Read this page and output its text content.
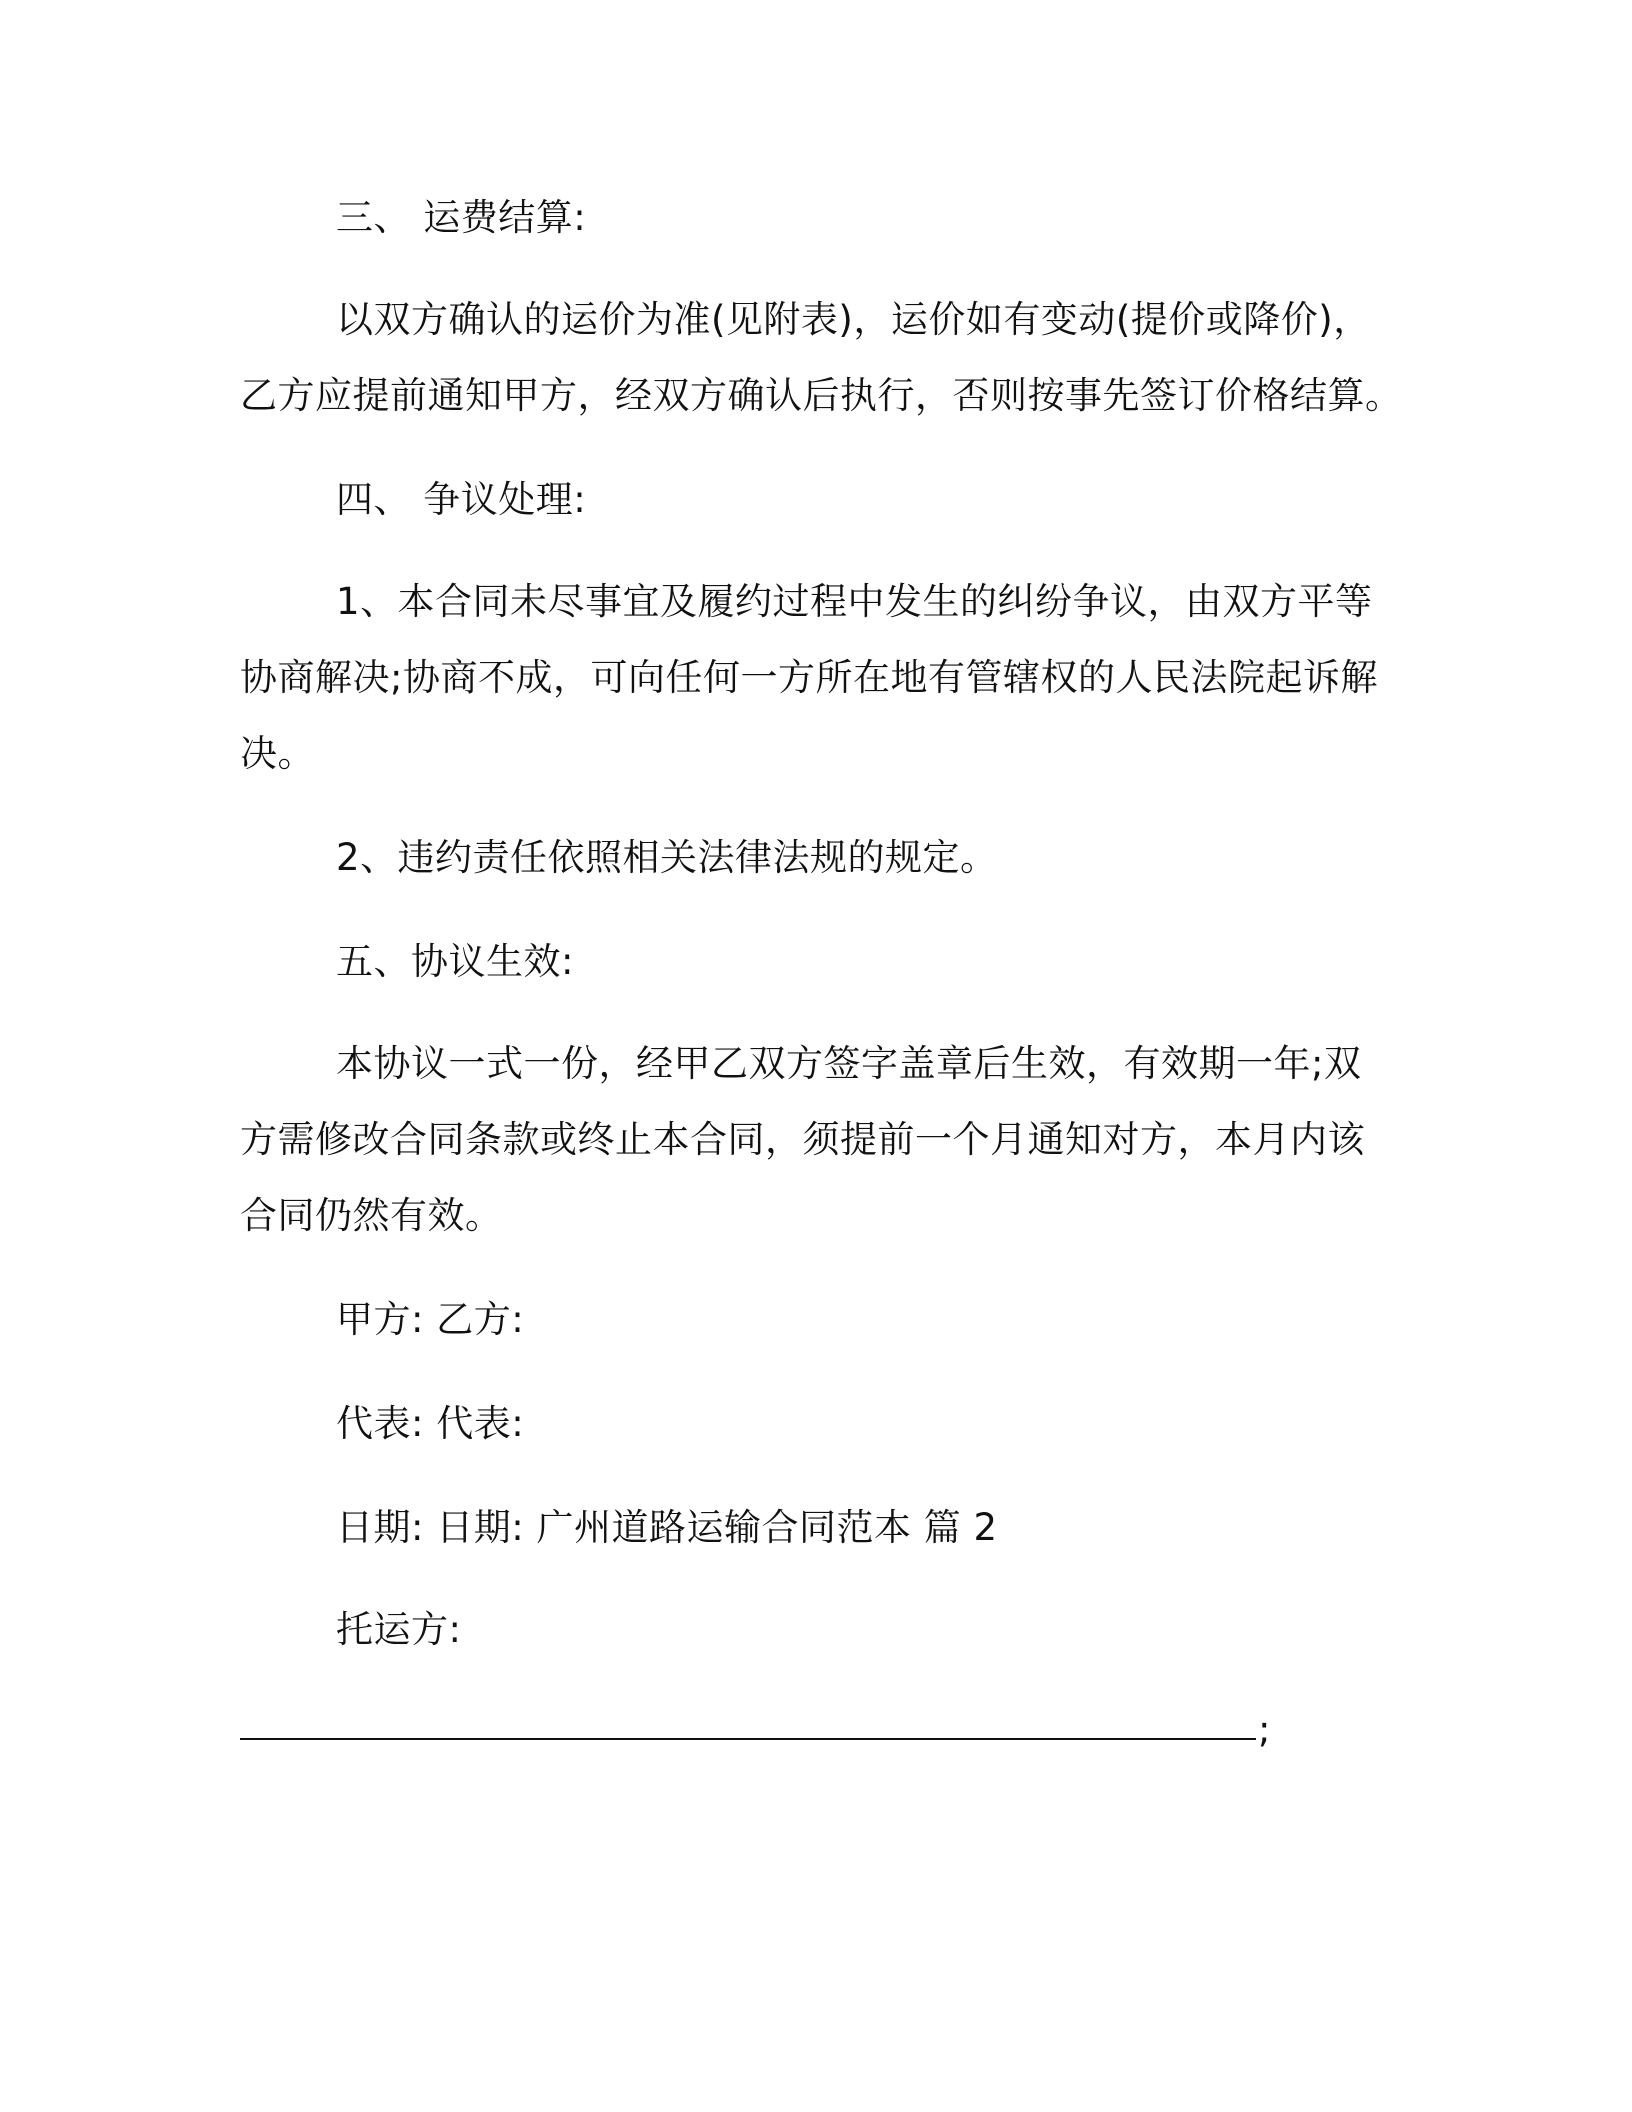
三、 运费结算:
以双方确认的运价为准(见附表)，运价如有变动(提价或降价)，
乙方应提前通知甲方，经双方确认后执行，否则按事先签订价格结算。
四、 争议处理:
1、本合同未尽事宜及履约过程中发生的纠纷争议，由双方平等
协商解决;协商不成，可向任何一方所在地有管辖权的人民法院起诉解
决。
2、违约责任依照相关法律法规的规定。
五、协议生效:
本协议一式一份，经甲乙双方签字盖章后生效，有效期一年;双
方需修改合同条款或终止本合同，须提前一个月通知对方，本月内该
合同仍然有效。
甲方: 乙方:
代表: 代表:
日期: 日期: 广州道路运输合同范本 篇 2
托运方:
;
